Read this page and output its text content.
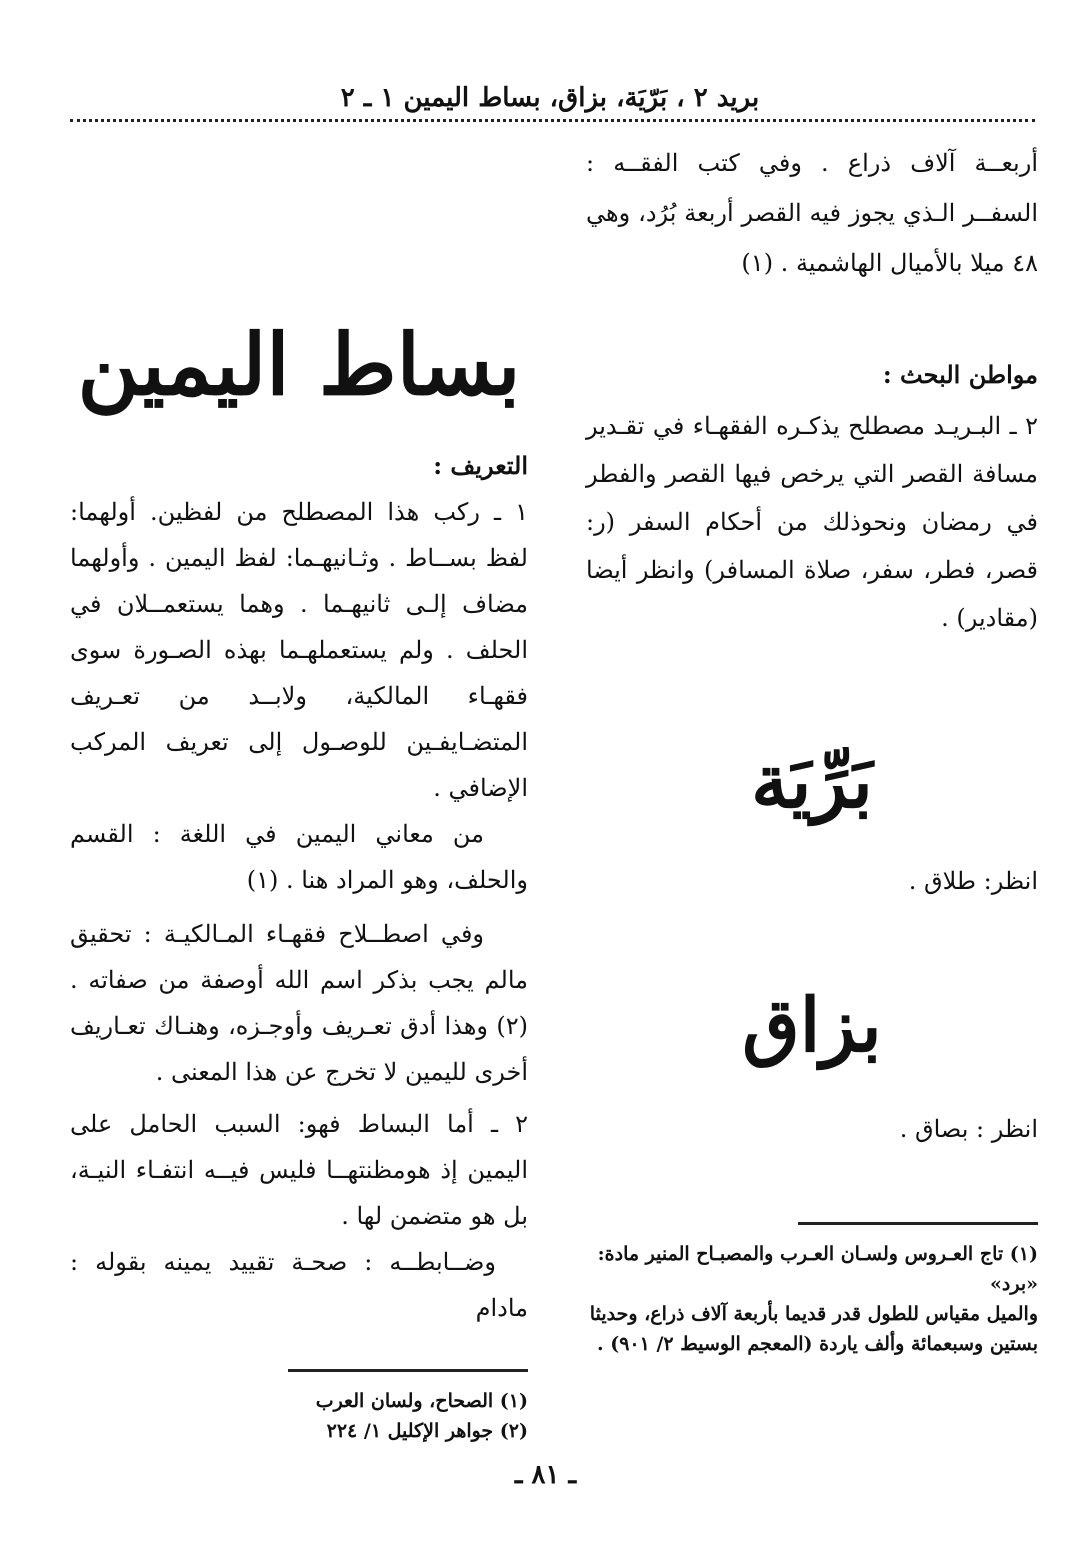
بريد ٢ ، بَرّيَة، بزاق، بساط اليمين ١ ـ ٢

أربعــة آلاف ذراع . وفي كتب الفقــه : السفــر الـذي يجوز فيه القصر أربعة بُرُد، وهي ٤٨ ميلا بالأميال الهاشمية . (١)

مواطن البحث :

٢ ـ البـريـد مصطلح يذكـره الفقهـاء في تقـدير مسافة القصر التي يرخص فيها القصر والفطر في رمضان ونحوذلك من أحكام السفر (ر: قصر، فطر، سفر، صلاة المسافر) وانظر أيضا (مقادير) .

بَرِّيَة

انظر: طلاق .

بزاق

انظر : بصاق .

(١) تاج العـروس ولسـان العـرب والمصبـاح المنير مادة: «برد»

والميل مقياس للطول قدر قديما بأربعة آلاف ذراع، وحديثا

بستين وسبعمائة وألف ياردة (المعجم الوسيط ٢/ ٩٠١) .

بساط اليمين

التعريف :

١ ـ ركب هذا المصطلح من لفظين. أولهما: لفظ بســاط . وثـانيهـما: لفظ اليمين . وأولهما مضاف إلـى ثانيهـما . وهما يستعمــلان في الحلف . ولم يستعملهـما بهذه الصـورة سوى فقهـاء المالكية، ولابــد من تعـريف المتضـايفـين للوصـول إلى تعريف المركب الإضافي .

من معاني اليمين في اللغة : القسم والحلف، وهو المراد هنا . (١)

وفي اصطــلاح فقهـاء المـالكيـة : تحقيق مالم يجب بذكر اسم الله أوصفة من صفاته . (٢) وهذا أدق تعـريف وأوجـزه، وهنـاك تعـاريف أخرى لليمين لا تخرج عن هذا المعنى .

٢ ـ أما البساط فهو: السبب الحامل على اليمين إذ هومظنتهــا فليس فيــه انتفـاء النيـة، بل هو متضمن لها .

وضــابطــه : صحـة تقييد يمينه بقوله : مادام

(١) الصحاح، ولسان العرب

(٢) جواهر الإكليل ١/ ٢٢٤

ـ ٨١ ـ
